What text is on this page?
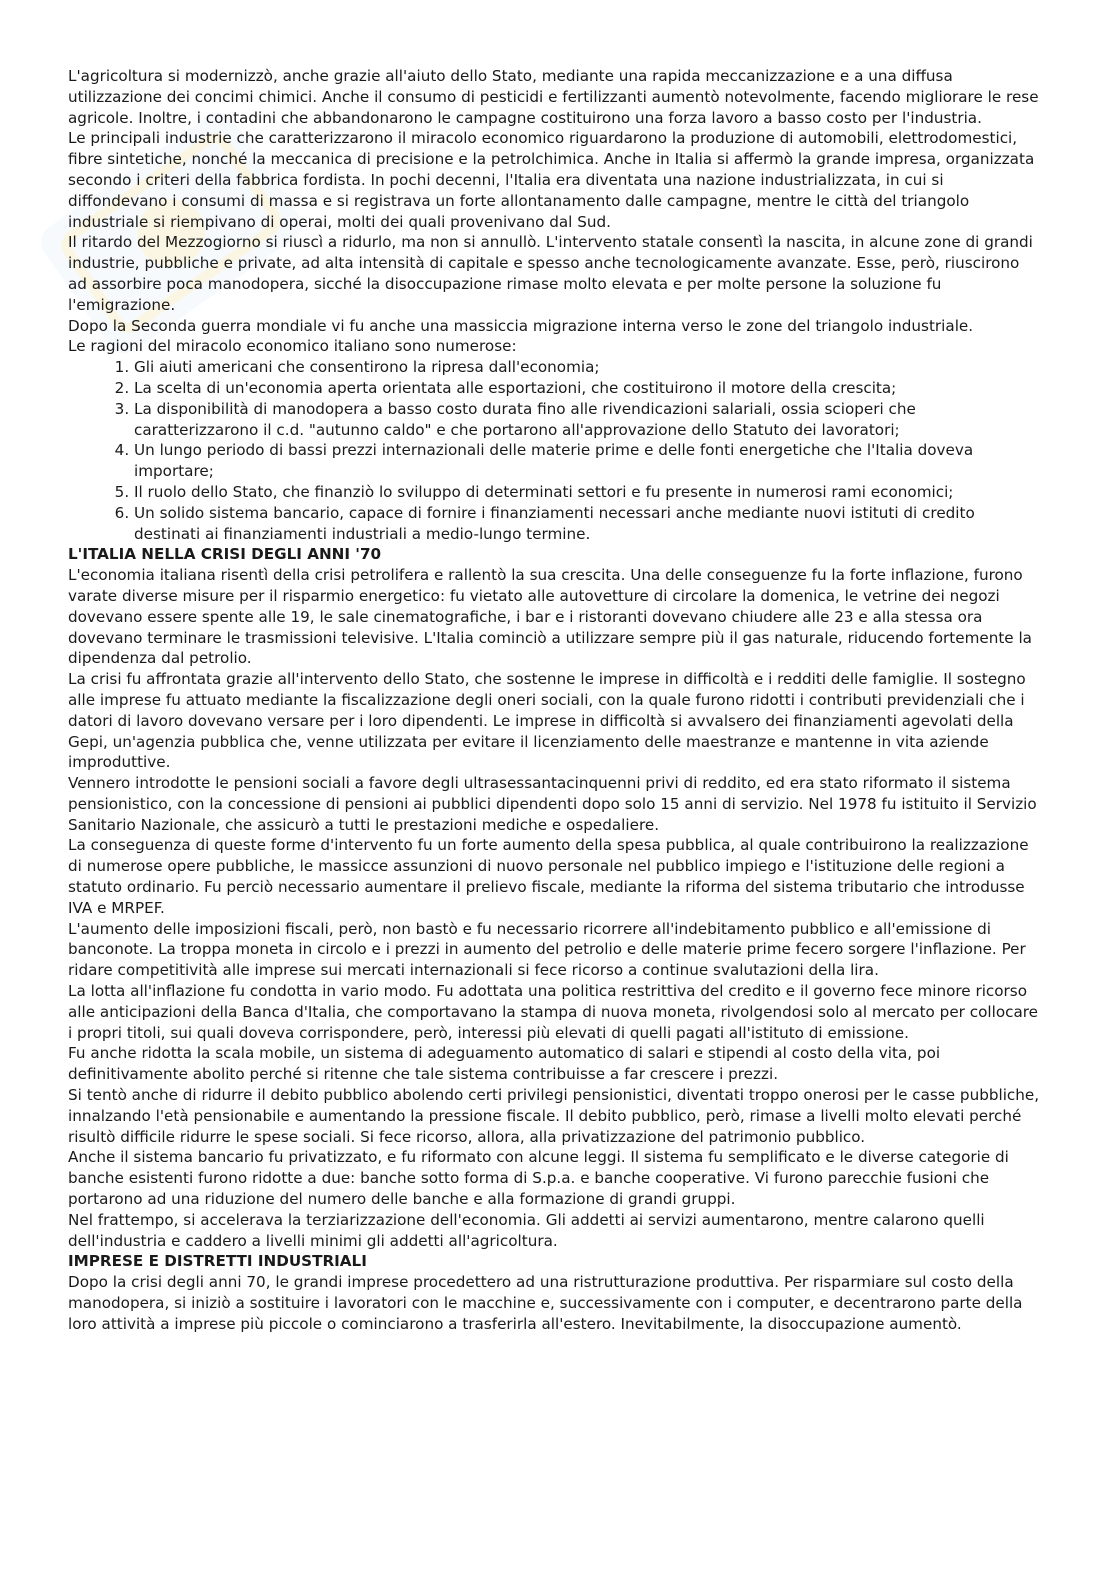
L'agricoltura si modernizzò, anche grazie all'aiuto dello Stato, mediante una rapida meccanizzazione e a una diffusa utilizzazione dei concimi chimici. Anche il consumo di pesticidi e fertilizzanti aumentò notevolmente, facendo migliorare le rese agricole. Inoltre, i contadini che abbandonarono le campagne costituirono una forza lavoro a basso costo per l'industria.

Le principali industrie che caratterizzarono il miracolo economico riguardarono la produzione di automobili, elettrodomestici, fibre sintetiche, nonché la meccanica di precisione e la petrolchimica. Anche in Italia si affermò la grande impresa, organizzata secondo i criteri della fabbrica fordista. In pochi decenni, l'Italia era diventata una nazione industrializzata, in cui si diffondevano i consumi di massa e si registrava un forte allontanamento dalle campagne, mentre le città del triangolo industriale si riempivano di operai, molti dei quali provenivano dal Sud.

Il ritardo del Mezzogiorno si riuscì a ridurlo, ma non si annullò. L'intervento statale consentì la nascita, in alcune zone di grandi industrie, pubbliche e private, ad alta intensità di capitale e spesso anche tecnologicamente avanzate. Esse, però, riuscirono ad assorbire poca manodopera, sicché la disoccupazione rimase molto elevata e per molte persone la soluzione fu l'emigrazione.

Dopo la Seconda guerra mondiale vi fu anche una massiccia migrazione interna verso le zone del triangolo industriale.

Le ragioni del miracolo economico italiano sono numerose:

1. Gli aiuti americani che consentirono la ripresa dall'economia;
2. La scelta di un'economia aperta orientata alle esportazioni, che costituirono il motore della crescita;
3. La disponibilità di manodopera a basso costo durata fino alle rivendicazioni salariali, ossia scioperi che caratterizzarono il c.d. "autunno caldo" e che portarono all'approvazione dello Statuto dei lavoratori;
4. Un lungo periodo di bassi prezzi internazionali delle materie prime e delle fonti energetiche che l'Italia doveva importare;
5. Il ruolo dello Stato, che finanziò lo sviluppo di determinati settori e fu presente in numerosi rami economici;
6. Un solido sistema bancario, capace di fornire i finanziamenti necessari anche mediante nuovi istituti di credito destinati ai finanziamenti industriali a medio-lungo termine.
L'ITALIA NELLA CRISI DEGLI ANNI '70

L'economia italiana risentì della crisi petrolifera e rallentò la sua crescita. Una delle conseguenze fu la forte inflazione, furono varate diverse misure per il risparmio energetico: fu vietato alle autovetture di circolare la domenica, le vetrine dei negozi dovevano essere spente alle 19, le sale cinematografiche, i bar e i ristoranti dovevano chiudere alle 23 e alla stessa ora dovevano terminare le trasmissioni televisive. L'Italia cominciò a utilizzare sempre più il gas naturale, riducendo fortemente la dipendenza dal petrolio.

La crisi fu affrontata grazie all'intervento dello Stato, che sostenne le imprese in difficoltà e i redditi delle famiglie. Il sostegno alle imprese fu attuato mediante la fiscalizzazione degli oneri sociali, con la quale furono ridotti i contributi previdenziali che i datori di lavoro dovevano versare per i loro dipendenti. Le imprese in difficoltà si avvalsero dei finanziamenti agevolati della Gepi, un'agenzia pubblica che, venne utilizzata per evitare il licenziamento delle maestranze e mantenne in vita aziende improduttive.

Vennero introdotte le pensioni sociali a favore degli ultrasessantacinquenni privi di reddito, ed era stato riformato il sistema pensionistico, con la concessione di pensioni ai pubblici dipendenti dopo solo 15 anni di servizio. Nel 1978 fu istituito il Servizio Sanitario Nazionale, che assicurò a tutti le prestazioni mediche e ospedaliere.

La conseguenza di queste forme d'intervento fu un forte aumento della spesa pubblica, al quale contribuirono la realizzazione di numerose opere pubbliche, le massicce assunzioni di nuovo personale nel pubblico impiego e l'istituzione delle regioni a statuto ordinario. Fu perciò necessario aumentare il prelievo fiscale, mediante la riforma del sistema tributario che introdusse IVA e MRPEF.

L'aumento delle imposizioni fiscali, però, non bastò e fu necessario ricorrere all'indebitamento pubblico e all'emissione di banconote. La troppa moneta in circolo e i prezzi in aumento del petrolio e delle materie prime fecero sorgere l'inflazione. Per ridare competitività alle imprese sui mercati internazionali si fece ricorso a continue svalutazioni della lira.

La lotta all'inflazione fu condotta in vario modo. Fu adottata una politica restrittiva del credito e il governo fece minore ricorso alle anticipazioni della Banca d'Italia, che comportavano la stampa di nuova moneta, rivolgendosi solo al mercato per collocare i propri titoli, sui quali doveva corrispondere, però, interessi più elevati di quelli pagati all'istituto di emissione.

Fu anche ridotta la scala mobile, un sistema di adeguamento automatico di salari e stipendi al costo della vita, poi definitivamente abolito perché si ritenne che tale sistema contribuisse a far crescere i prezzi.

Si tentò anche di ridurre il debito pubblico abolendo certi privilegi pensionistici, diventati troppo onerosi per le casse pubbliche, innalzando l'età pensionabile e aumentando la pressione fiscale. Il debito pubblico, però, rimase a livelli molto elevati perché risultò difficile ridurre le spese sociali. Si fece ricorso, allora, alla privatizzazione del patrimonio pubblico.

Anche il sistema bancario fu privatizzato, e fu riformato con alcune leggi. Il sistema fu semplificato e le diverse categorie di banche esistenti furono ridotte a due: banche sotto forma di S.p.a. e banche cooperative. Vi furono parecchie fusioni che portarono ad una riduzione del numero delle banche e alla formazione di grandi gruppi.

Nel frattempo, si accelerava la terziarizzazione dell'economia. Gli addetti ai servizi aumentarono, mentre calarono quelli dell'industria e caddero a livelli minimi gli addetti all'agricoltura.

IMPRESE E DISTRETTI INDUSTRIALI

Dopo la crisi degli anni 70, le grandi imprese procedettero ad una ristrutturazione produttiva. Per risparmiare sul costo della manodopera, si iniziò a sostituire i lavoratori con le macchine e, successivamente con i computer, e decentrarono parte della loro attività a imprese più piccole o cominciarono a trasferirla all'estero. Inevitabilmente, la disoccupazione aumentò.
